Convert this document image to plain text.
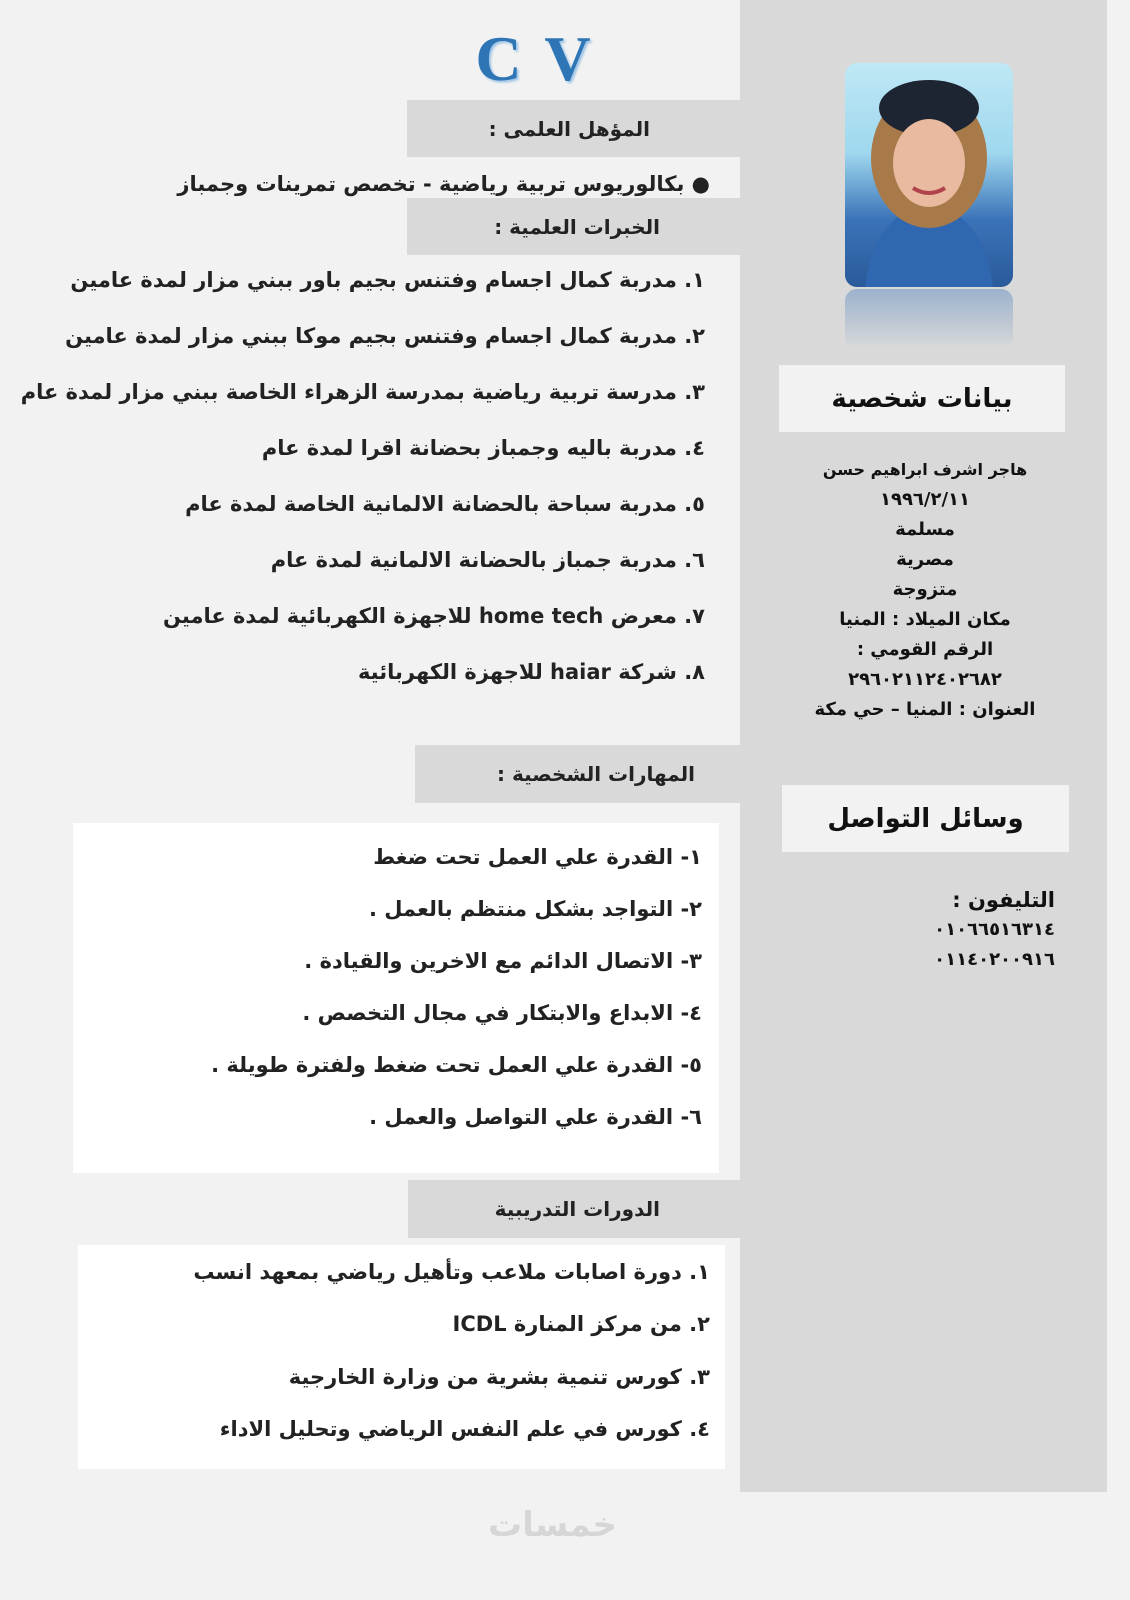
C V
المؤهل العلمى :
● بكالوريوس تربية رياضية - تخصص تمرينات وجمباز
الخبرات العلمية :
١. مدربة كمال اجسام وفتنس بجيم باور ببني مزار لمدة عامين
٢. مدربة كمال اجسام وفتنس بجيم موكا ببني مزار لمدة عامين
٣. مدرسة تربية رياضية بمدرسة الزهراء الخاصة ببني مزار لمدة عام
٤. مدربة باليه وجمباز بحضانة اقرا لمدة عام
٥. مدربة سباحة بالحضانة الالمانية الخاصة لمدة عام
٦. مدربة جمباز بالحضانة الالمانية لمدة عام
٧. معرض home tech للاجهزة الكهربائية لمدة عامين
٨. شركة haiar للاجهزة الكهربائية
المهارات الشخصية :
١- القدرة علي العمل تحت ضغط
٢- التواجد بشكل منتظم بالعمل .
٣- الاتصال الدائم مع الاخرين والقيادة .
٤- الابداع والابتكار في مجال التخصص .
٥- القدرة علي العمل تحت ضغط ولفترة طويلة .
٦- القدرة علي التواصل والعمل .
الدورات التدريبية
١. دورة اصابات ملاعب وتأهيل رياضي بمعهد انسب
٢. من مركز المنارة ICDL
٣. كورس تنمية بشرية من وزارة الخارجية
٤. كورس في علم النفس الرياضي وتحليل الاداء
بيانات شخصية
هاجر اشرف ابراهيم حسن
١٩٩٦/٢/١١
مسلمة
مصرية
متزوجة
مكان الميلاد : المنيا
الرقم القومي :
٢٩٦٠٢١١٢٤٠٢٦٨٢
العنوان : المنيا – حي مكة
وسائل التواصل
التليفون :
٠١٠٦٦٥١٦٣١٤
٠١١٤٠٢٠٠٩١٦
خمسات
